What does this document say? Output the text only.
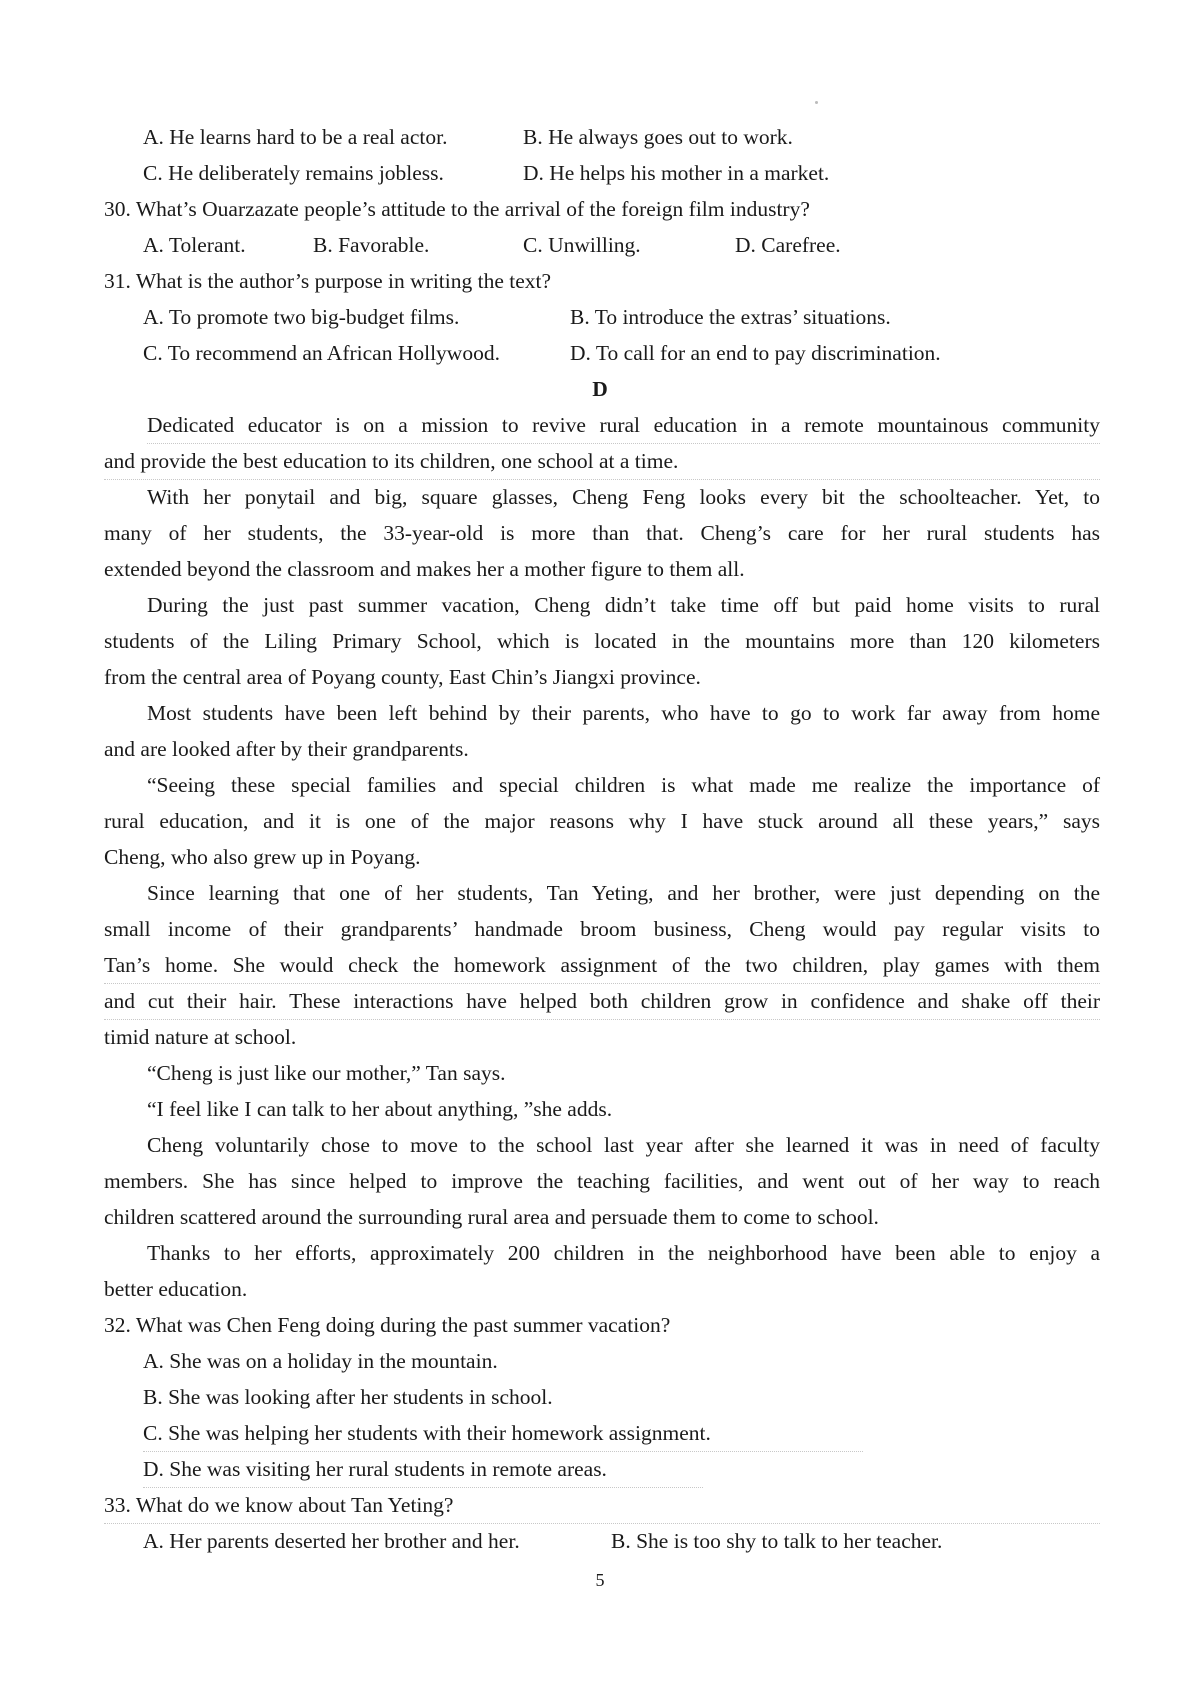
A. He learns hard to be a real actor.	B. He always goes out to work.
C. He deliberately remains jobless.	D. He helps his mother in a market.
30. What’s Ouarzazate people’s attitude to the arrival of the foreign film industry?
A. Tolerant.	B. Favorable.	C. Unwilling.	D. Carefree.
31. What is the author’s purpose in writing the text?
A. To promote two big-budget films.	B. To introduce the extras’ situations.
C. To recommend an African Hollywood.	D. To call for an end to pay discrimination.
D
Dedicated educator is on a mission to revive rural education in a remote mountainous community
and provide the best education to its children, one school at a time.
With her ponytail and big, square glasses, Cheng Feng looks every bit the schoolteacher. Yet, to
many of her students, the 33-year-old is more than that. Cheng’s care for her rural students has
extended beyond the classroom and makes her a mother figure to them all.
During the just past summer vacation, Cheng didn’t take time off but paid home visits to rural
students of the Liling Primary School, which is located in the mountains more than 120 kilometers
from the central area of Poyang county, East Chin’s Jiangxi province.
Most students have been left behind by their parents, who have to go to work far away from home
and are looked after by their grandparents.
“Seeing these special families and special children is what made me realize the importance of
rural education, and it is one of the major reasons why I have stuck around all these years,” says
Cheng, who also grew up in Poyang.
Since learning that one of her students, Tan Yeting, and her brother, were just depending on the
small income of their grandparents’ handmade broom business, Cheng would pay regular visits to
Tan’s home. She would check the homework assignment of the two children, play games with them
and cut their hair. These interactions have helped both children grow in confidence and shake off their
timid nature at school.
“Cheng is just like our mother,” Tan says.
“I feel like I can talk to her about anything, ”she adds.
Cheng voluntarily chose to move to the school last year after she learned it was in need of faculty
members. She has since helped to improve the teaching facilities, and went out of her way to reach
children scattered around the surrounding rural area and persuade them to come to school.
Thanks to her efforts, approximately 200 children in the neighborhood have been able to enjoy a
better education.
32. What was Chen Feng doing during the past summer vacation?
A. She was on a holiday in the mountain.
B. She was looking after her students in school.
C. She was helping her students with their homework assignment.
D. She was visiting her rural students in remote areas.
33. What do we know about Tan Yeting?
A. Her parents deserted her brother and her.	B. She is too shy to talk to her teacher.
5
